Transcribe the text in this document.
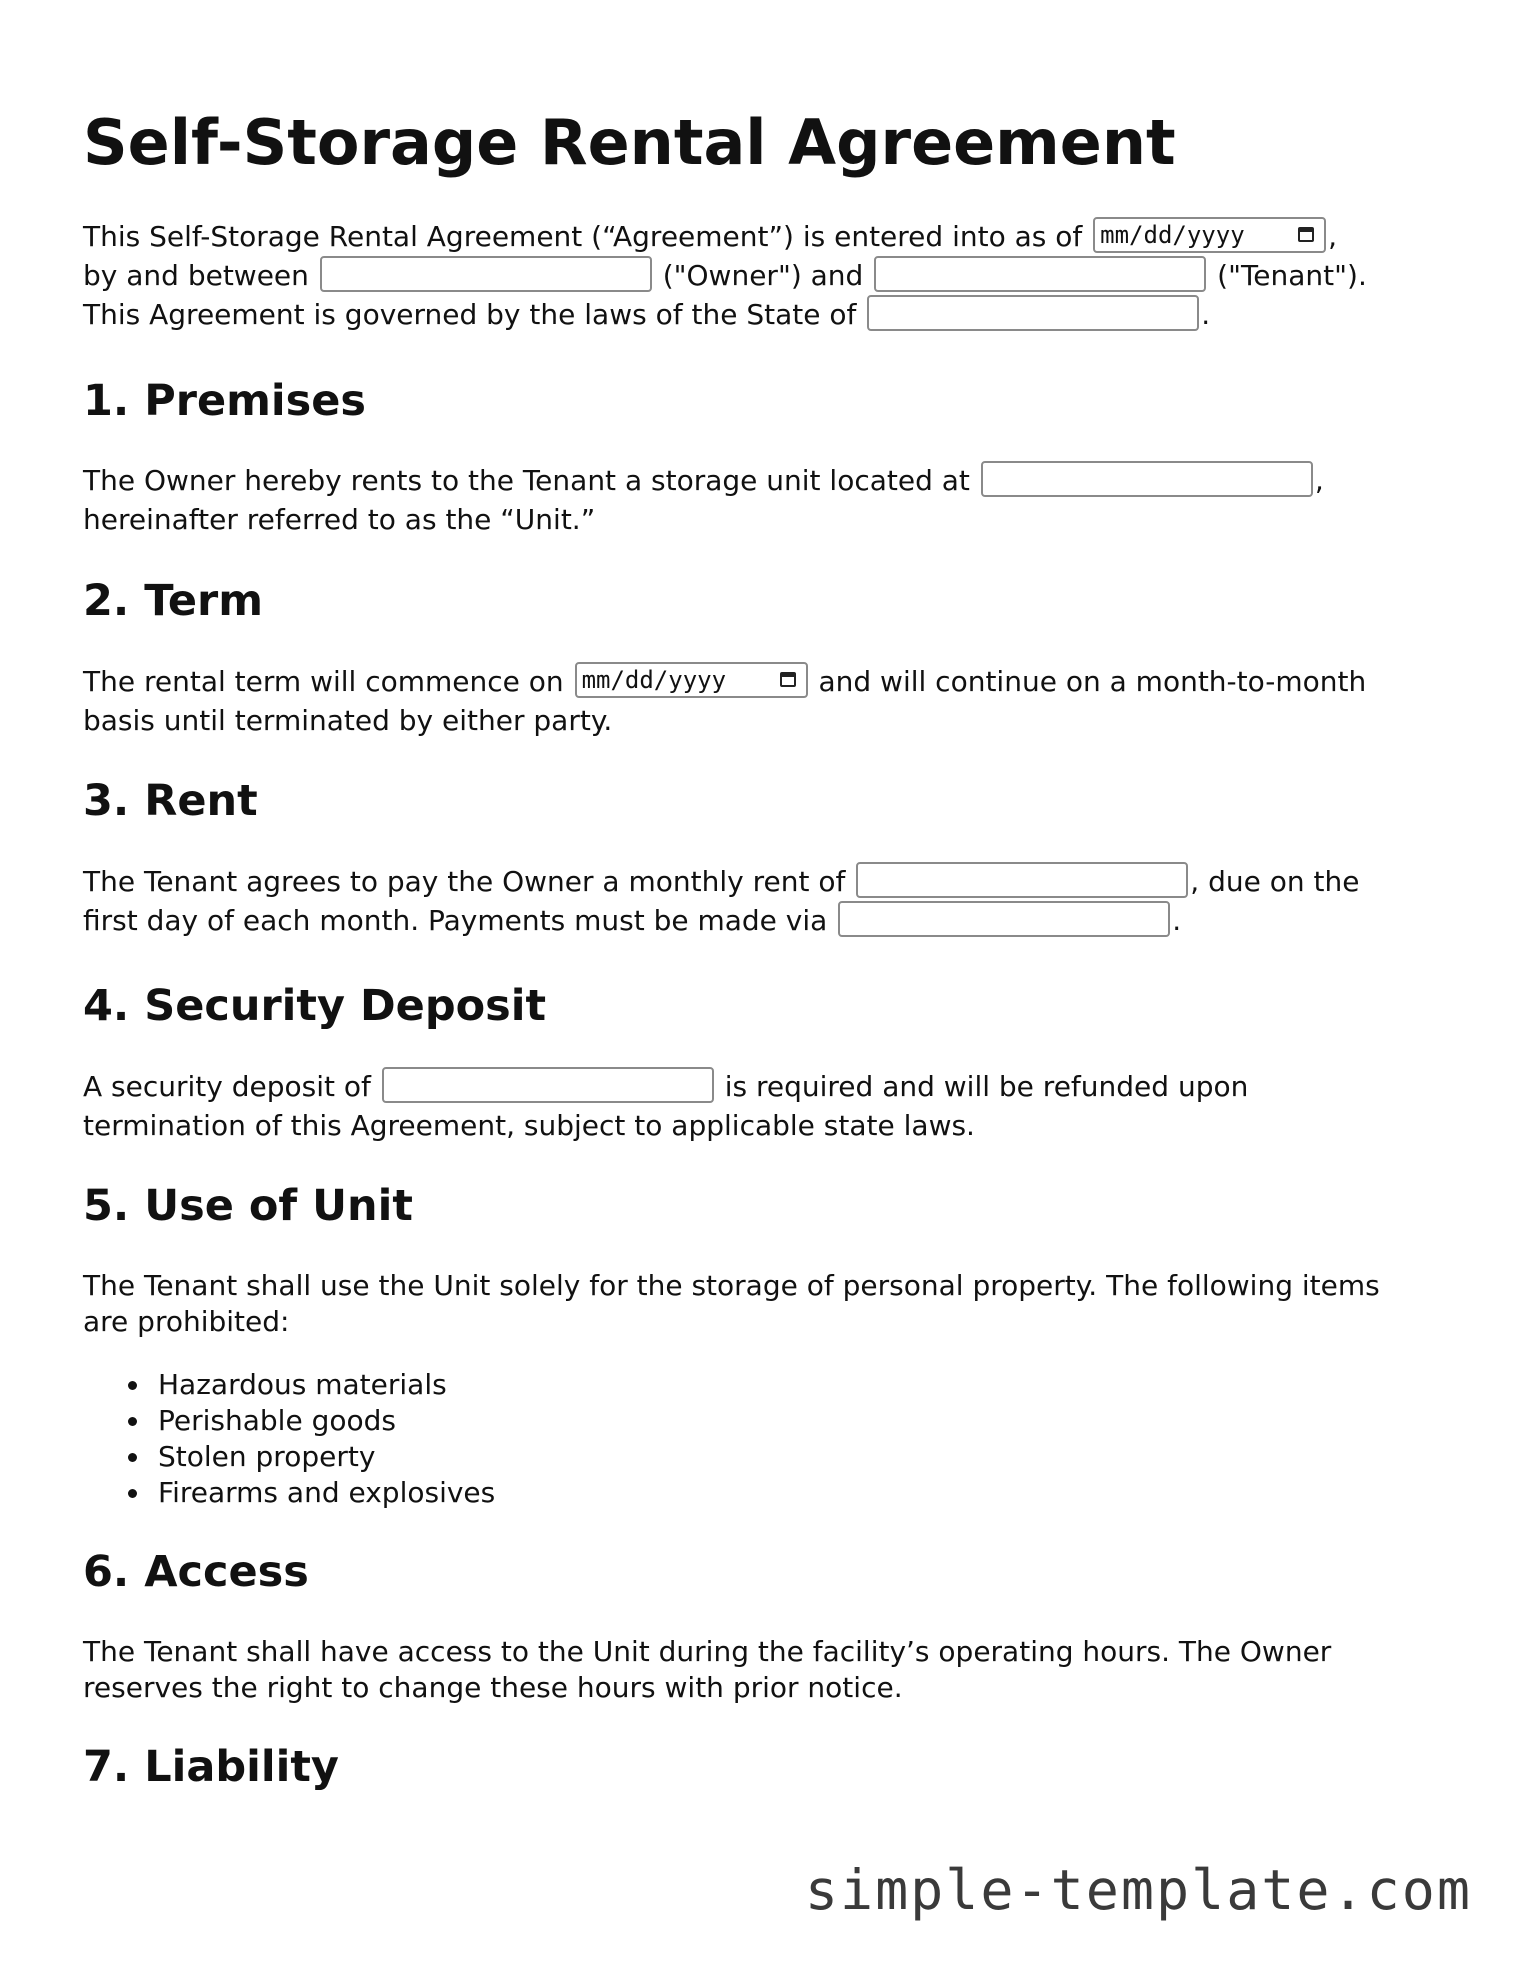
Self-Storage Rental Agreement

This Self-Storage Rental Agreement (“Agreement”) is entered into as of mm/dd/yyyy	,
by and between	("Owner") and	("Tenant").
This Agreement is governed by the laws of the State of	.

1. Premises

The Owner hereby rents to the Tenant a storage unit located at	,
hereinafter referred to as the “Unit.”

2. Term

The rental term will commence on mm/dd/yyyy	and will continue on a month-to-month
basis until terminated by either party.

3. Rent

The Tenant agrees to pay the Owner a monthly rent of	, due on the
first day of each month. Payments must be made via	.

4. Security Deposit

A security deposit of	is required and will be refunded upon
termination of this Agreement, subject to applicable state laws.

5. Use of Unit

The Tenant shall use the Unit solely for the storage of personal property. The following items are prohibited:

Hazardous materials
Perishable goods
Stolen property
Firearms and explosives
6. Access

The Tenant shall have access to the Unit during the facility’s operating hours. The Owner reserves the right to change these hours with prior notice.

7. Liability
simple-template.com
